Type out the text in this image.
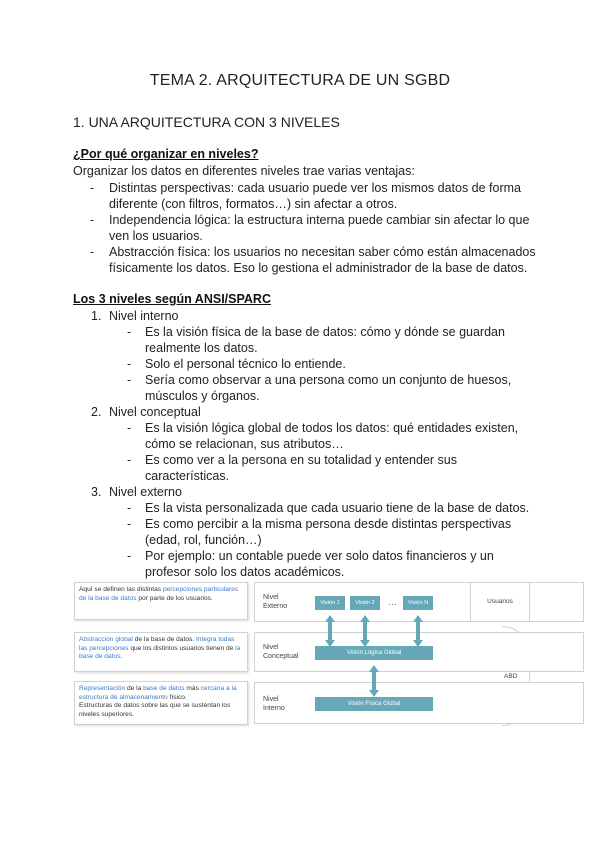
TEMA 2. ARQUITECTURA DE UN SGBD
1. UNA ARQUITECTURA CON 3 NIVELES
¿Por qué organizar en niveles?
Organizar los datos en diferentes niveles trae varias ventajas:
- Distintas perspectivas: cada usuario puede ver los mismos datos de forma
diferente (con filtros, formatos…) sin afectar a otros.
- Independencia lógica: la estructura interna puede cambiar sin afectar lo que
ven los usuarios.
- Abstracción física: los usuarios no necesitan saber cómo están almacenados
físicamente los datos. Eso lo gestiona el administrador de la base de datos.
Los 3 niveles según ANSI/SPARC
1. Nivel interno
- Es la visión física de la base de datos: cómo y dónde se guardan
realmente los datos.
- Solo el personal técnico lo entiende.
- Sería como observar a una persona como un conjunto de huesos,
músculos y órganos.
2. Nivel conceptual
- Es la visión lógica global de todos los datos: qué entidades existen,
cómo se relacionan, sus atributos…
- Es como ver a la persona en su totalidad y entender sus
características.
3. Nivel externo
- Es la vista personalizada que cada usuario tiene de la base de datos.
- Es como percibir a la misma persona desde distintas perspectivas
(edad, rol, función…)
- Por ejemplo: un contable puede ver solo datos financieros y un
profesor solo los datos académicos.
Aquí se definen las distintas percepciones particulares de la base de datos por parte de los usuarios.
Abstracción global de la base de datos. Integra todas las percepciones que los distintos usuarios tienen de la base de datos.
Representación de la base de datos más cercana a la estructura de almacenamiento físico.
Estructuras de datos sobre las que se sustentan los niveles superiores.
ABD
Nivel
Externo	Visión 1	Visión 2	…	Visión N	Usuarios
Nivel
Conceptual	Visión Lógica Global
Nivel
Interno
Visión Física Global
